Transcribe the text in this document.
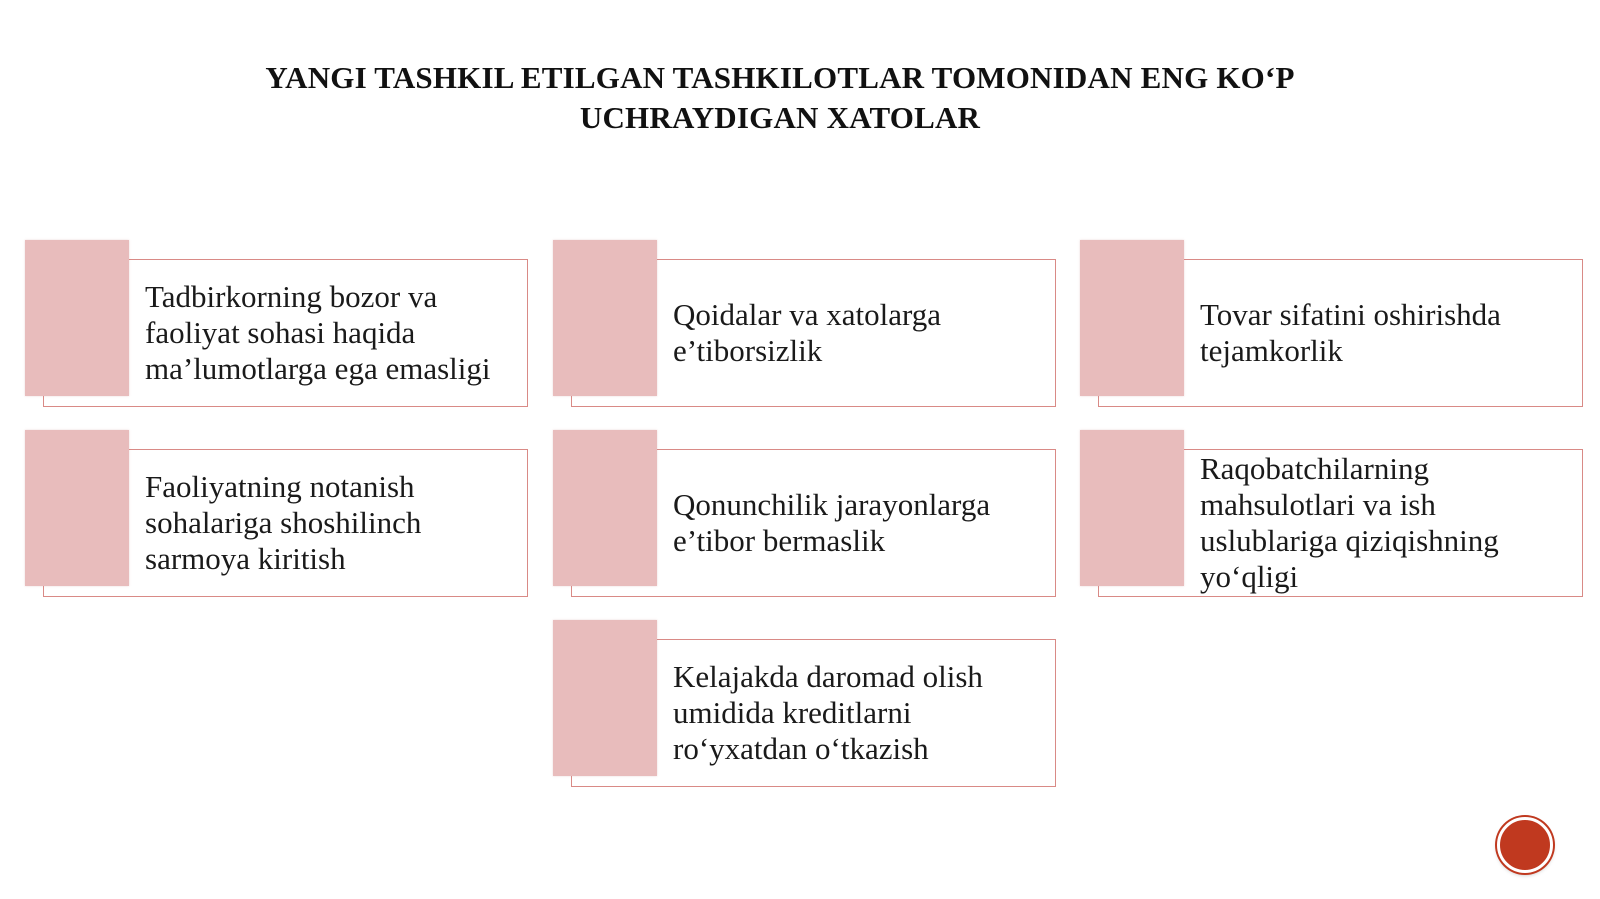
YANGI TASHKIL ETILGAN TASHKILOTLAR TOMONIDAN ENG KO‘P UCHRAYDIGAN XATOLAR
Tadbirkorning bozor va faoliyat sohasi haqida ma’lumotlarga ega emasligi
Qoidalar va xatolarga e’tiborsizlik
Tovar sifatini oshirishda tejamkorlik
Faoliyatning notanish sohalariga shoshilinch sarmoya kiritish
Qonunchilik jarayonlarga e’tibor bermaslik
Raqobatchilarning mahsulotlari va ish uslublariga qiziqishning yo‘qligi
Kelajakda daromad olish umidida kreditlarni ro‘yxatdan o‘tkazish
